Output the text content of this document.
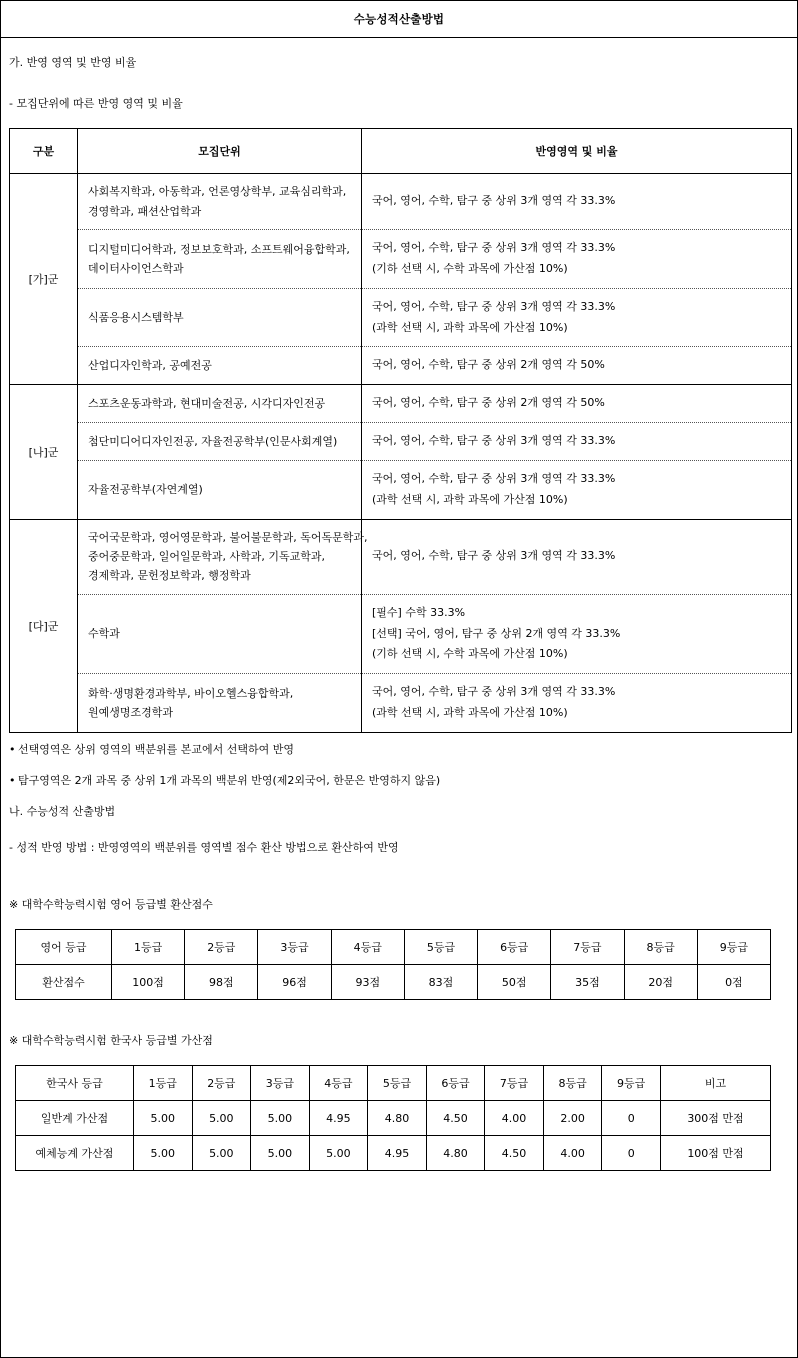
수능성적산출방법
가. 반영 영역 및 반영 비율
- 모집단위에 따른 반영 영역 및 비율
구분	모집단위	반영영역 및 비율
[가]군	사회복지학과, 아동학과, 언론영상학부, 교육심리학과,
경영학과, 패션산업학과	국어, 영어, 수학, 탐구 중 상위 3개 영역 각 33.3%

	디지털미디어학과, 정보보호학과, 소프트웨어융합학과,
데이터사이언스학과	국어, 영어, 수학, 탐구 중 상위 3개 영역 각 33.3%
(기하 선택 시, 수학 과목에 가산점 10%)

	식품응용시스템학부	국어, 영어, 수학, 탐구 중 상위 3개 영역 각 33.3%
(과학 선택 시, 과학 과목에 가산점 10%)

	산업디자인학과, 공예전공	국어, 영어, 수학, 탐구 중 상위 2개 영역 각 50%

[나]군	스포츠운동과학과, 현대미술전공, 시각디자인전공	국어, 영어, 수학, 탐구 중 상위 2개 영역 각 50%

	첨단미디어디자인전공, 자율전공학부(인문사회계열)	국어, 영어, 수학, 탐구 중 상위 3개 영역 각 33.3%

	자율전공학부(자연계열)	국어, 영어, 수학, 탐구 중 상위 3개 영역 각 33.3%
(과학 선택 시, 과학 과목에 가산점 10%)

[다]군	국어국문학과, 영어영문학과, 불어불문학과, 독어독문학과,
중어중문학과, 일어일문학과, 사학과, 기독교학과,
경제학과, 문헌정보학과, 행정학과	국어, 영어, 수학, 탐구 중 상위 3개 영역 각 33.3%

	수학과	[필수] 수학 33.3%
[선택] 국어, 영어, 탐구 중 상위 2개 영역 각 33.3%
(기하 선택 시, 수학 과목에 가산점 10%)

	화학·생명환경과학부, 바이오헬스융합학과,
원예생명조경학과	국어, 영어, 수학, 탐구 중 상위 3개 영역 각 33.3%
(과학 선택 시, 과학 과목에 가산점 10%)
• 선택영역은 상위 영역의 백분위를 본교에서 선택하여 반영
• 탐구영역은 2개 과목 중 상위 1개 과목의 백분위 반영(제2외국어, 한문은 반영하지 않음)
나. 수능성적 산출방법
- 성적 반영 방법 : 반영영역의 백분위를 영역별 점수 환산 방법으로 환산하여 반영
※ 대학수학능력시험 영어 등급별 환산점수
영어 등급	1등급	2등급	3등급	4등급	5등급	6등급	7등급	8등급	9등급
환산점수	100점	98점	96점	93점	83점	50점	35점	20점	0점
※ 대학수학능력시험 한국사 등급별 가산점
한국사 등급	1등급	2등급	3등급	4등급	5등급	6등급	7등급	8등급	9등급	비고
일반계 가산점	5.00	5.00	5.00	4.95	4.80	4.50	4.00	2.00	0	300점 만점
예체능계 가산점	5.00	5.00	5.00	5.00	4.95	4.80	4.50	4.00	0	100점 만점
